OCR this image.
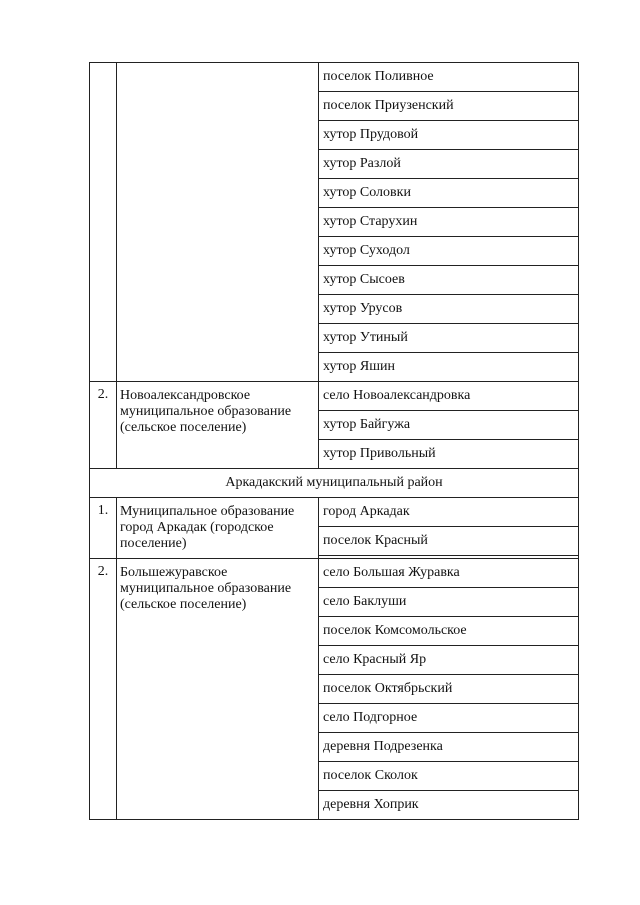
		поселок Поливное
		поселок Приузенский
		хутор Прудовой
		хутор Разлой
		хутор Соловки
		хутор Старухин
		хутор Суходол
		хутор Сысоев
		хутор Урусов
		хутор Утиный
		хутор Яшин
2.	Новоалександровское муниципальное образование (сельское поселение)	село Новоалександровка
		хутор Байгужа
		хутор Привольный
Аркадакский муниципальный район		
1.	Муниципальное образование город Аркадак (городское поселение)	город Аркадак
		поселок Красный

2.	Большежуравское муниципальное образование (сельское поселение)	село Большая Журавка
		село Баклуши
		поселок Комсомольское
		село Красный Яр
		поселок Октябрьский
		село Подгорное
		деревня Подрезенка
		поселок Сколок
		деревня Хоприк
